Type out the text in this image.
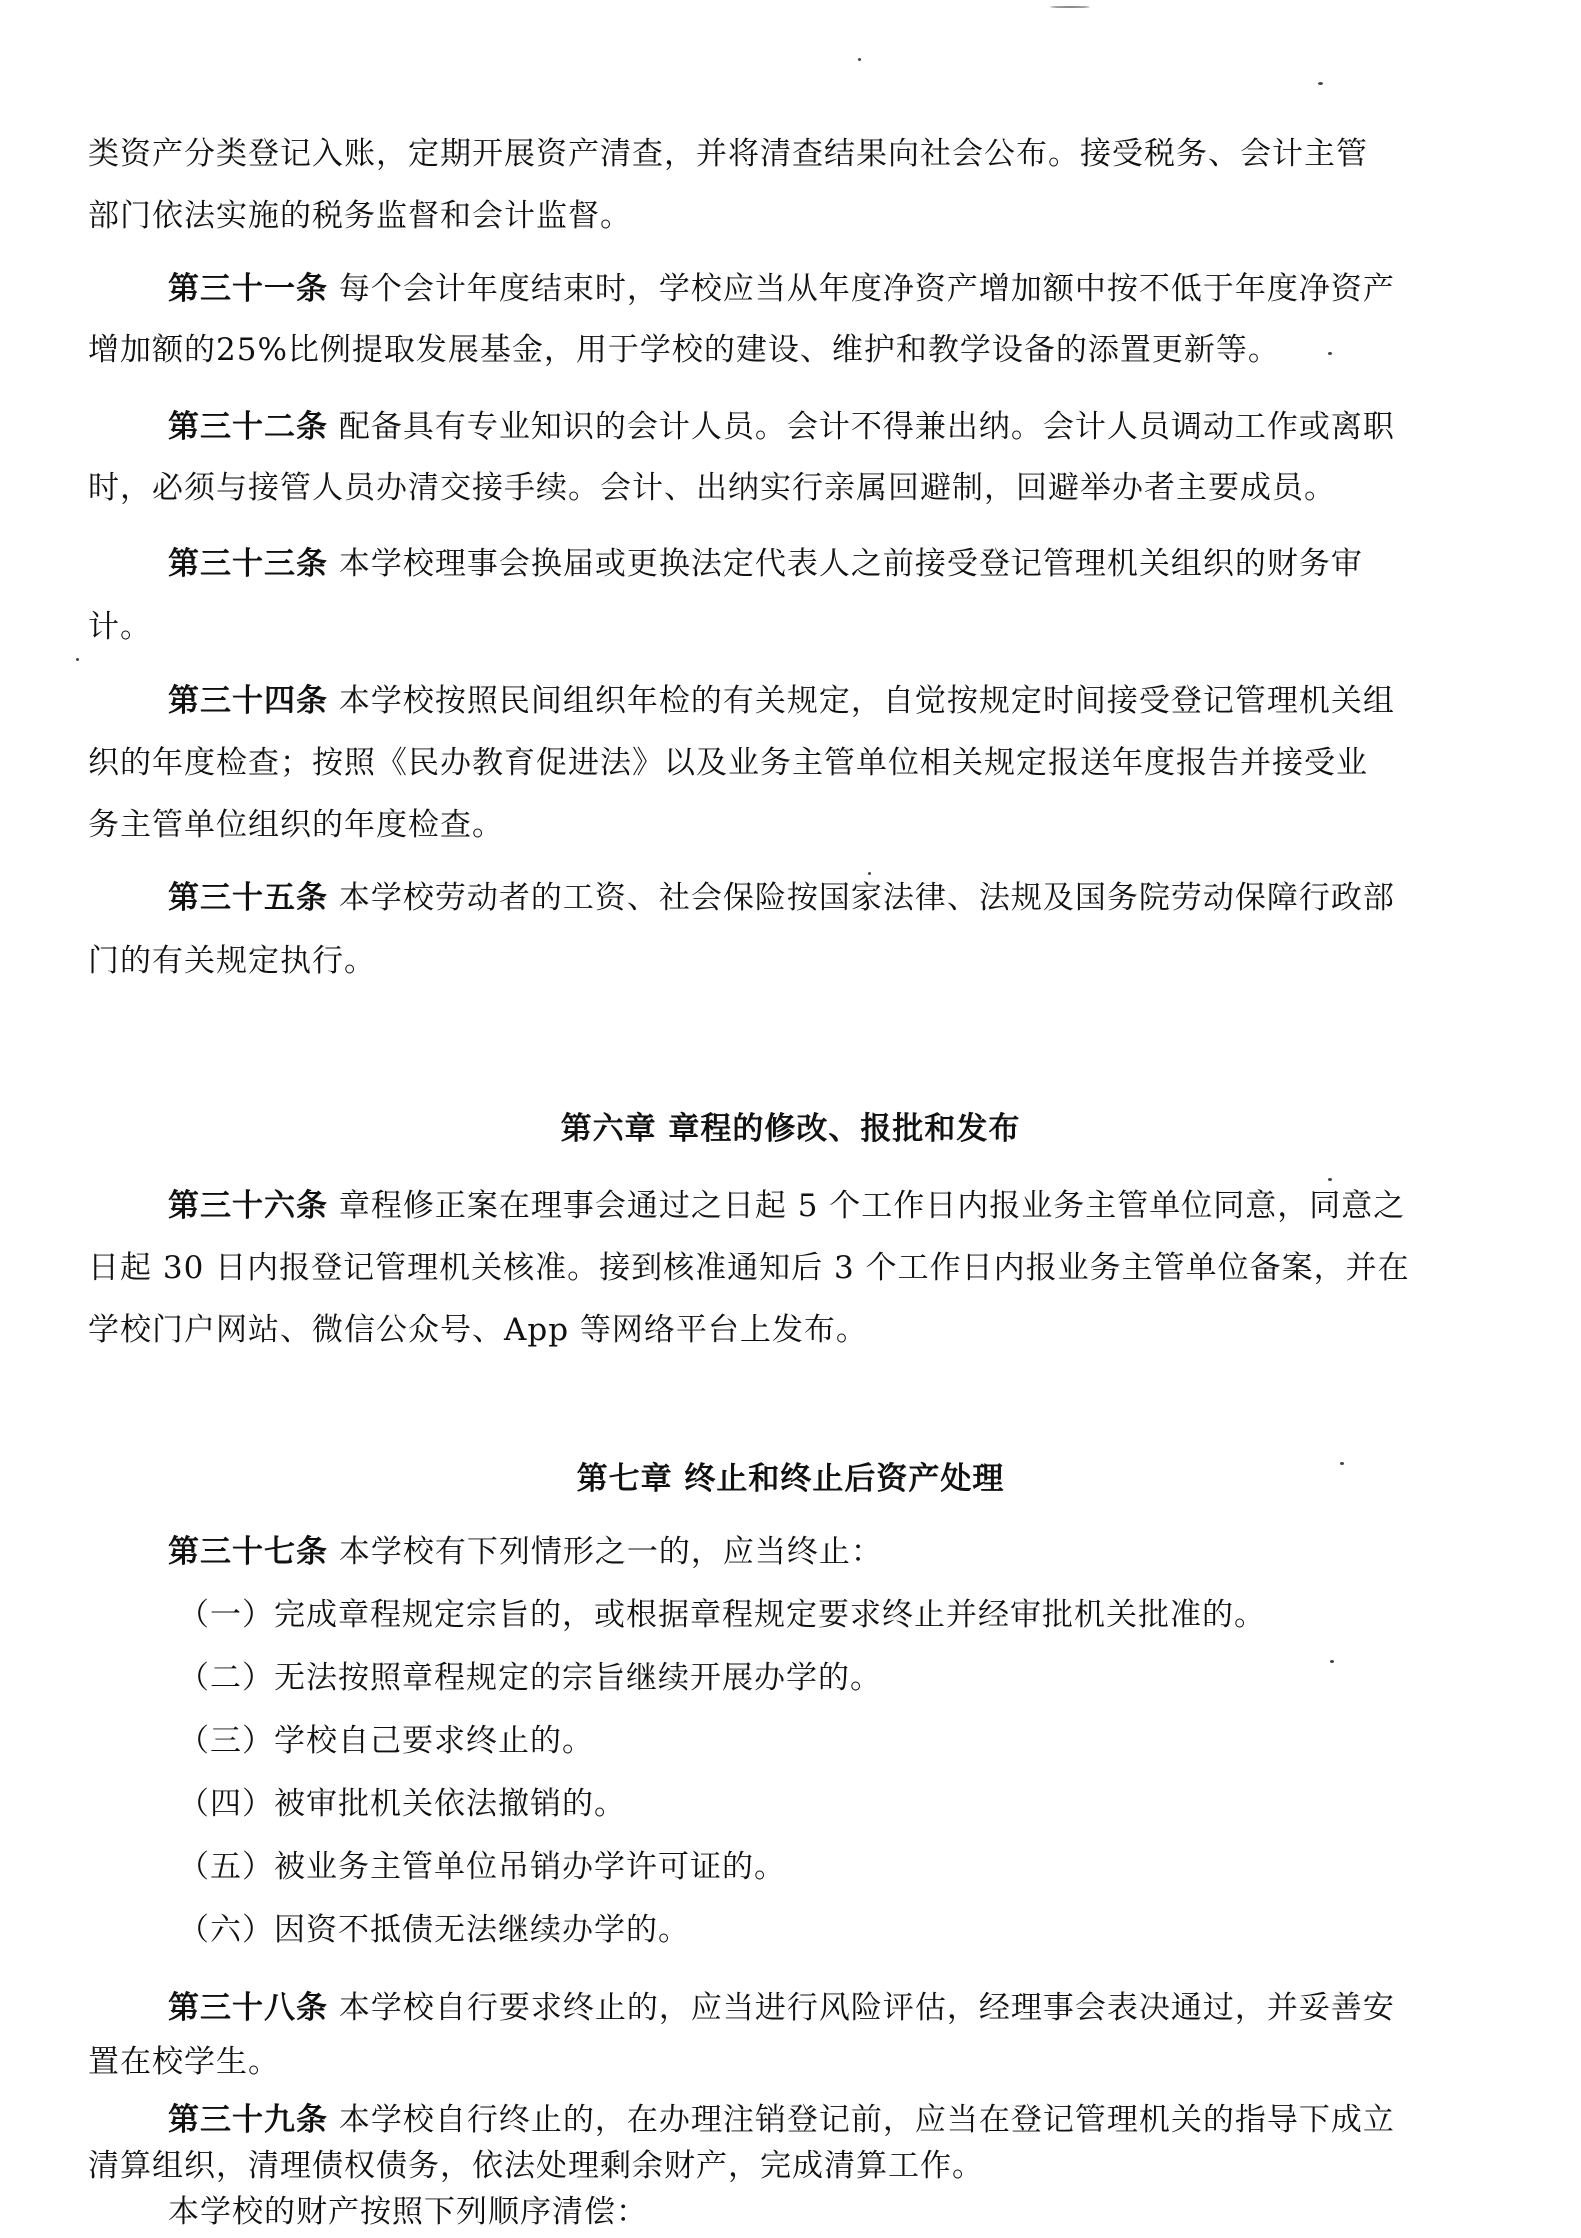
类资产分类登记入账，定期开展资产清查，并将清查结果向社会公布。接受税务、会计主管
部门依法实施的税务监督和会计监督。
第三十一条 每个会计年度结束时，学校应当从年度净资产增加额中按不低于年度净资产
增加额的25%比例提取发展基金，用于学校的建设、维护和教学设备的添置更新等。
第三十二条 配备具有专业知识的会计人员。会计不得兼出纳。会计人员调动工作或离职
时，必须与接管人员办清交接手续。会计、出纳实行亲属回避制，回避举办者主要成员。
第三十三条 本学校理事会换届或更换法定代表人之前接受登记管理机关组织的财务审
计。
第三十四条 本学校按照民间组织年检的有关规定，自觉按规定时间接受登记管理机关组
织的年度检查；按照《民办教育促进法》以及业务主管单位相关规定报送年度报告并接受业
务主管单位组织的年度检查。
第三十五条 本学校劳动者的工资、社会保险按国家法律、法规及国务院劳动保障行政部
门的有关规定执行。
第六章 章程的修改、报批和发布
第三十六条 章程修正案在理事会通过之日起 5 个工作日内报业务主管单位同意，同意之
日起 30 日内报登记管理机关核准。接到核准通知后 3 个工作日内报业务主管单位备案，并在
学校门户网站、微信公众号、App 等网络平台上发布。
第七章 终止和终止后资产处理
第三十七条 本学校有下列情形之一的，应当终止：
（一）完成章程规定宗旨的，或根据章程规定要求终止并经审批机关批准的。
（二）无法按照章程规定的宗旨继续开展办学的。
（三）学校自己要求终止的。
（四）被审批机关依法撤销的。
（五）被业务主管单位吊销办学许可证的。
（六）因资不抵债无法继续办学的。
第三十八条 本学校自行要求终止的，应当进行风险评估，经理事会表决通过，并妥善安
置在校学生。
第三十九条 本学校自行终止的，在办理注销登记前，应当在登记管理机关的指导下成立
清算组织，清理债权债务，依法处理剩余财产，完成清算工作。
本学校的财产按照下列顺序清偿：
